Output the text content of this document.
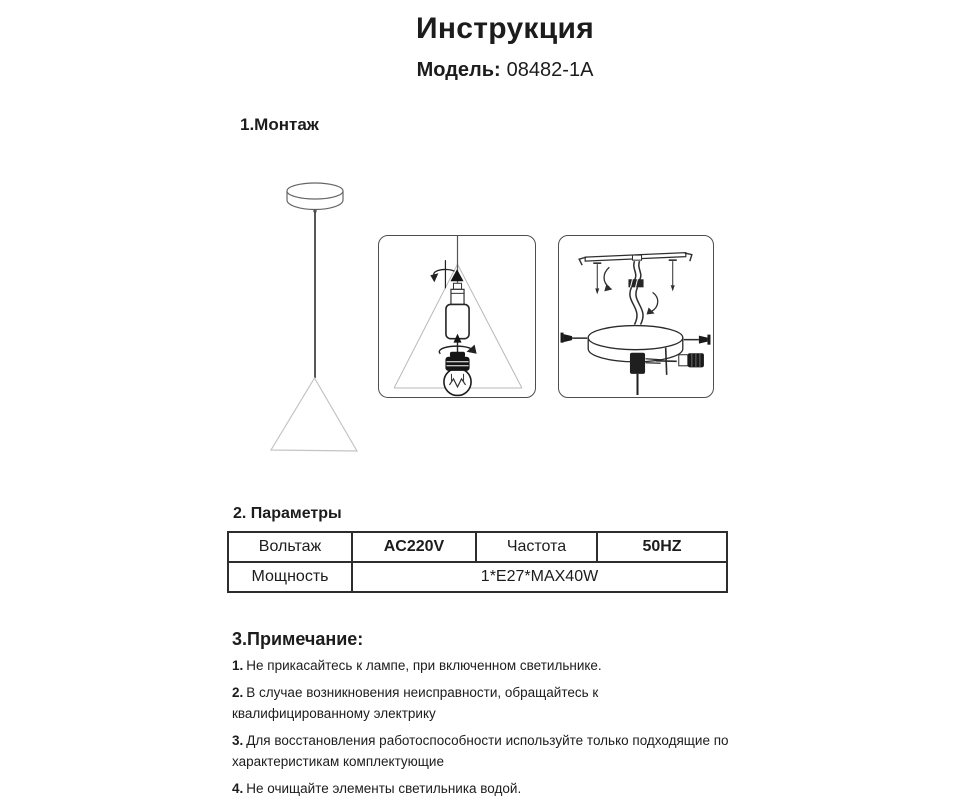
Инструкция
Модель: 08482-1A
1.Монтаж
2. Параметры
Вольтаж	AC220V	Частота	50HZ
Мощность	1*E27*MAX40W		
3.Примечание:

1. Не прикасайтесь к лампе, при включенном светильнике.

2. В случае возникновения неисправности, обращайтесь к квалифицированному электрику

3. Для восстановления работоспособности используйте только подходящие по характеристикам комплектующие

4. Не очищайте элементы светильника водой.
